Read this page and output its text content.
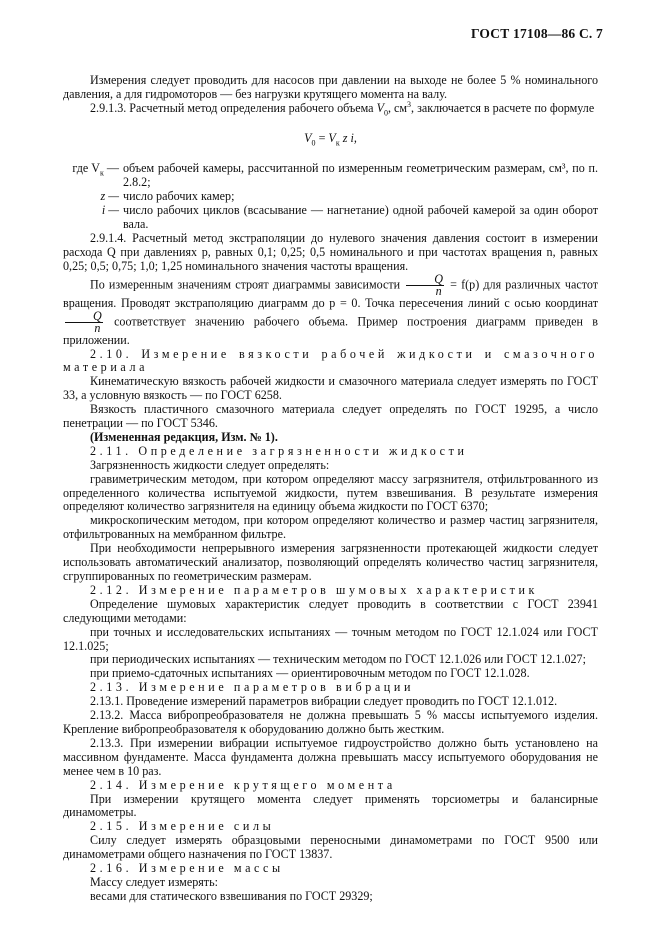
ГОСТ 17108—86 С. 7

Измерения следует проводить для насосов при давлении на выходе не более 5 % номинального давления, а для гидромоторов — без нагрузки крутящего момента на валу.

2.9.1.3. Расчетный метод определения рабочего объема $V_0$, $см^3$, заключается в расчете по формуле

$V_0 = V_к$ z i,
где $V_к$ — объем рабочей камеры, рассчитанной по измеренным геометрическим размерам, см³, по п. 2.8.2;
z — число рабочих камер;
i — число рабочих циклов (всасывание — нагнетание) одной рабочей камерой за один оборот вала.

2.9.1.4. Расчетный метод экстраполяции до нулевого значения давления состоит в измерении расхода Q при давлениях p, равных 0,1; 0,25; 0,5 номинального и при частотах вращения n, равных 0,25; 0,5; 0,75; 1,0; 1,25 номинального значения частоты вращения.

По измеренным значениям строят диаграммы зависимости $\frac{Q}{n} = f(p)$ для различных частот вращения. Проводят экстраполяцию диаграмм до p = 0. Точка пересечения линий с осью координат
$\frac{Q}{n}$ соответствует значению рабочего объема. Пример построения диаграмм приведен в приложении.

2.10. Измерение вязкости рабочей жидкости и смазочного материала

Кинематическую вязкость рабочей жидкости и смазочного материала следует измерять по ГОСТ 33, а условную вязкость — по ГОСТ 6258.

Вязкость пластичного смазочного материала следует определять по ГОСТ 19295, а число пенетрации — по ГОСТ 5346.

(Измененная редакция, Изм. № 1).

2.11. Определение загрязненности жидкости

Загрязненность жидкости следует определять:

гравиметрическим методом, при котором определяют массу загрязнителя, отфильтрованного из определенного количества испытуемой жидкости, путем взвешивания. В результате измерения определяют количество загрязнителя на единицу объема жидкости по ГОСТ 6370;

микроскопическим методом, при котором определяют количество и размер частиц загрязнителя, отфильтрованных на мембранном фильтре.

При необходимости непрерывного измерения загрязненности протекающей жидкости следует использовать автоматический анализатор, позволяющий определять количество частиц загрязнителя, сгруппированных по геометрическим размерам.

2.12. Измерение параметров шумовых характеристик

Определение шумовых характеристик следует проводить в соответствии с ГОСТ 23941 следующими методами:

при точных и исследовательских испытаниях — точным методом по ГОСТ 12.1.024 или ГОСТ 12.1.025;

при периодических испытаниях — техническим методом по ГОСТ 12.1.026 или ГОСТ 12.1.027;

при приемо-сдаточных испытаниях — ориентировочным методом по ГОСТ 12.1.028.

2.13. Измерение параметров вибрации

2.13.1. Проведение измерений параметров вибрации следует проводить по ГОСТ 12.1.012.

2.13.2. Масса вибропреобразователя не должна превышать 5 % массы испытуемого изделия. Крепление вибропреобразователя к оборудованию должно быть жестким.

2.13.3. При измерении вибрации испытуемое гидроустройство должно быть установлено на массивном фундаменте. Масса фундамента должна превышать массу испытуемого оборудования не менее чем в 10 раз.

2.14. Измерение крутящего момента

При измерении крутящего момента следует применять торсиометры и балансирные динамометры.

2.15. Измерение силы

Силу следует измерять образцовыми переносными динамометрами по ГОСТ 9500 или динамометрами общего назначения по ГОСТ 13837.

2.16. Измерение массы

Массу следует измерять:

весами для статического взвешивания по ГОСТ 29329;
